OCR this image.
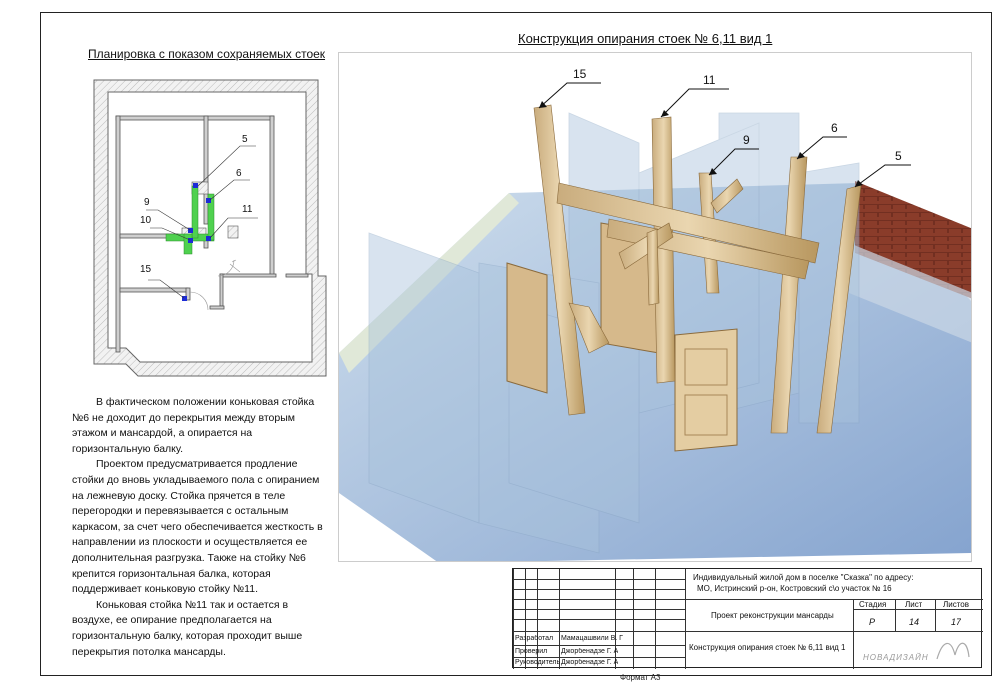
Планировка с показом сохраняемых стоек
Конструкция опирания стоек № 6,11 вид 1
5
6
9
10
11
15
15	11
9
6
5

В фактическом положении коньковая стойка №6 не доходит до перекрытия между вторым этажом и мансардой, а опирается на горизонтальную балку.

Проектом предусматривается продление стойки до вновь укладываемого пола с опиранием на лежневую доску. Стойка прячется в теле перегородки и перевязывается с остальным каркасом, за счет чего обеспечивается жесткость в направлении из плоскости и осуществляется ее дополнительная разгрузка. Также на стойку №6 крепится горизонтальная балка, которая поддерживает коньковую стойку №11.

Коньковая стойка №11 так и остается в воздухе, ее опирание предполагается на горизонтальную балку, которая проходит выше перекрытия потолка мансарды.

Индивидуальный жилой дом в поселке "Сказка" по адресу:
МО, Истринский р-он, Костровский с\о участок № 16
Проект реконструкции мансарды
Стадия Лист	Листов
Р	14	17
Конструкция опирания стоек № 6,11 вид 1
Разработал Мамацашвили В. Г
Проверил Джорбенадзе Г. А
Руководитель Джорбенадзе Г. А
НОВАДИЗАЙН
Формат А3
